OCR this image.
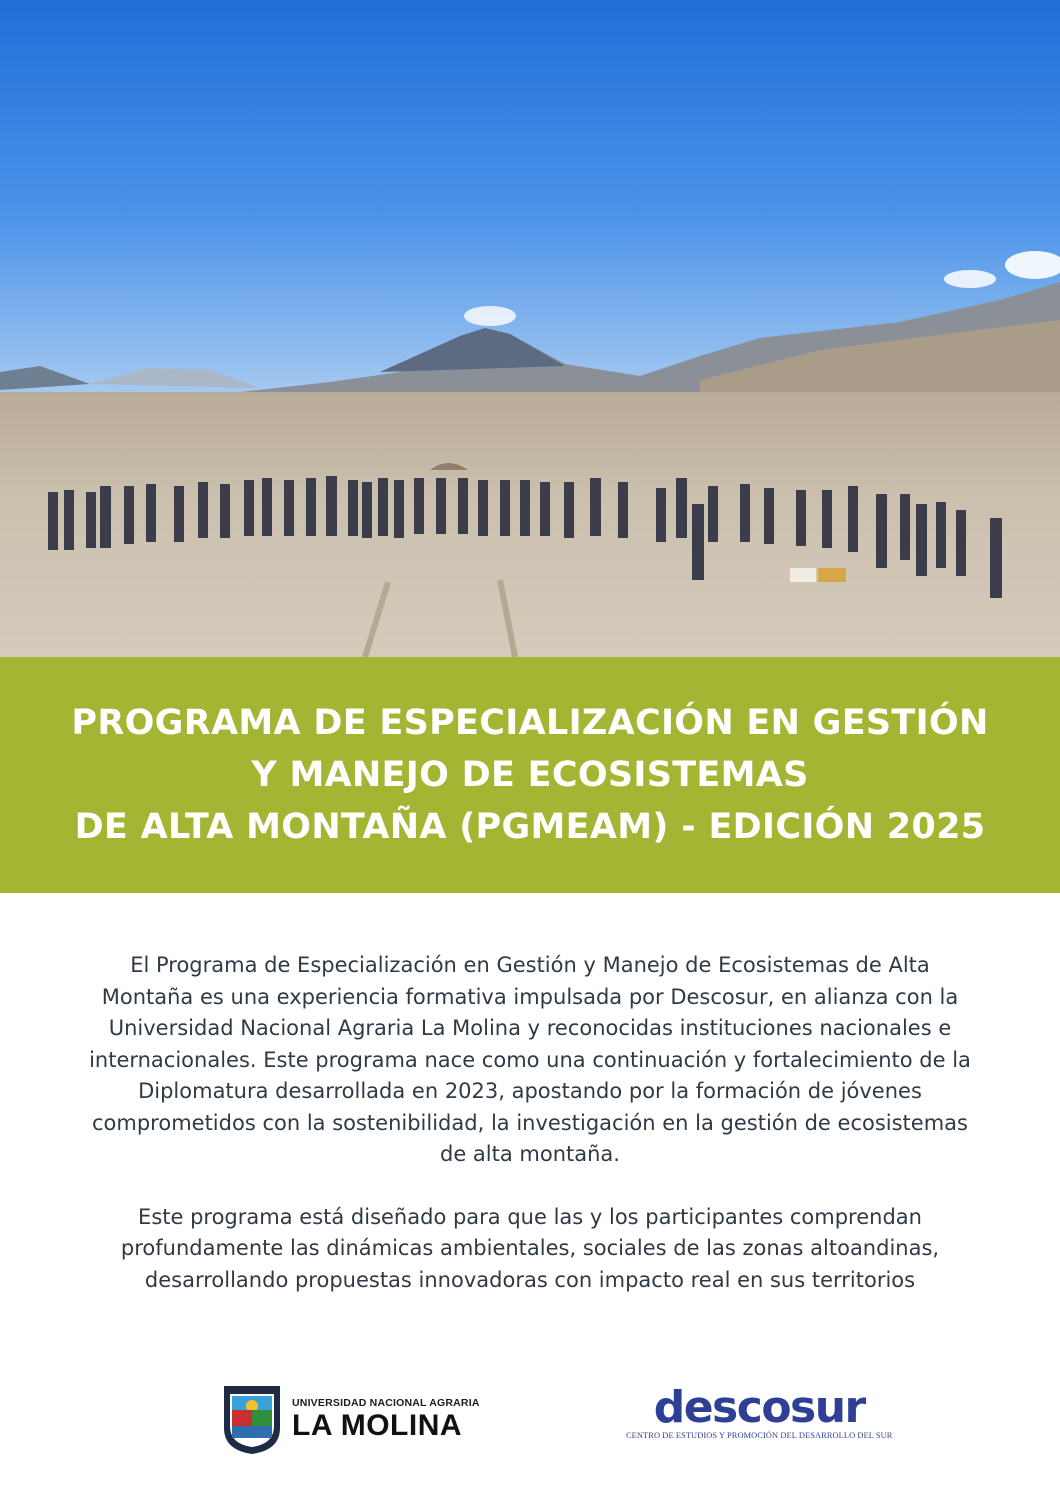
PROGRAMA DE ESPECIALIZACIÓN EN GESTIÓN
Y MANEJO DE ECOSISTEMAS
DE ALTA MONTAÑA (PGMEAM) - EDICIÓN 2025

El Programa de Especialización en Gestión y Manejo de Ecosistemas de Alta
Montaña es una experiencia formativa impulsada por Descosur, en alianza con la
Universidad Nacional Agraria La Molina y reconocidas instituciones nacionales e
internacionales. Este programa nace como una continuación y fortalecimiento de la
Diplomatura desarrollada en 2023, apostando por la formación de jóvenes
comprometidos con la sostenibilidad, la investigación en la gestión de ecosistemas
de alta montaña.

Este programa está diseñado para que las y los participantes comprendan
profundamente las dinámicas ambientales, sociales de las zonas altoandinas,
desarrollando propuestas innovadoras con impacto real en sus territorios

UNIVERSIDAD NACIONAL AGRARIA
LA MOLINA	descosur
CENTRO DE ESTUDIOS Y PROMOCIÓN DEL DESARROLLO DEL SUR
